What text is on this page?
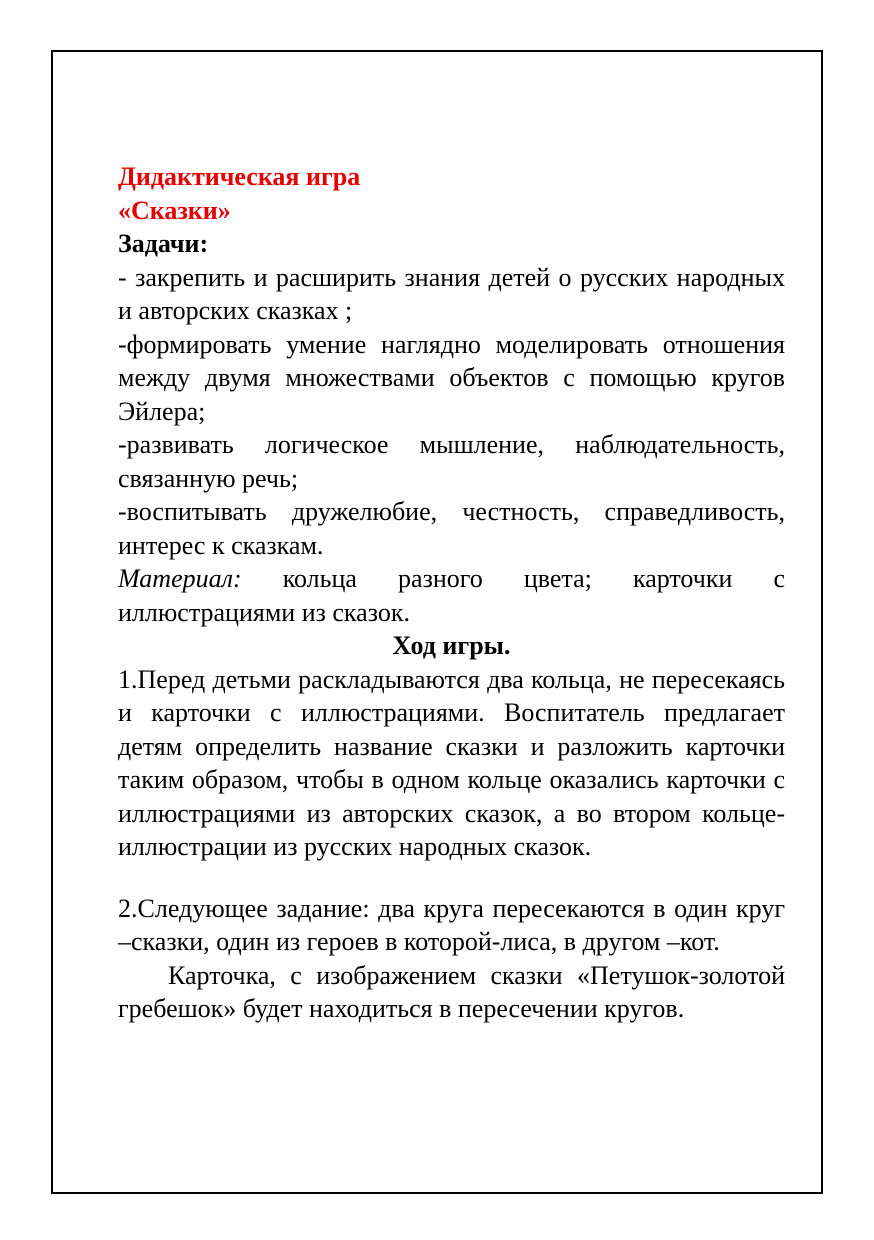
Дидактическая игра

«Сказки»

Задачи:

- закрепить и расширить знания детей о русских народных и авторских сказках ;

-формировать умение наглядно моделировать отношения между двумя множествами объектов с помощью кругов Эйлера;

-развивать логическое мышление, наблюдательность, связанную речь;

-воспитывать дружелюбие, честность, справедливость, интерес к сказкам.

Материал: кольца разного цвета; карточки с иллюстрациями из сказок.

Ход игры.

1.Перед детьми раскладываются два кольца, не пересекаясь и карточки с иллюстрациями. Воспитатель предлагает детям определить название сказки и разложить карточки таким образом, чтобы в одном кольце оказались карточки с иллюстрациями из авторских сказок, а во втором кольце-иллюстрации из русских народных сказок.

2.Следующее задание: два круга пересекаются в один круг –сказки, один из героев в которой-лиса, в другом –кот.

Карточка, с изображением сказки «Петушок-золотой гребешок» будет находиться в пересечении кругов.
